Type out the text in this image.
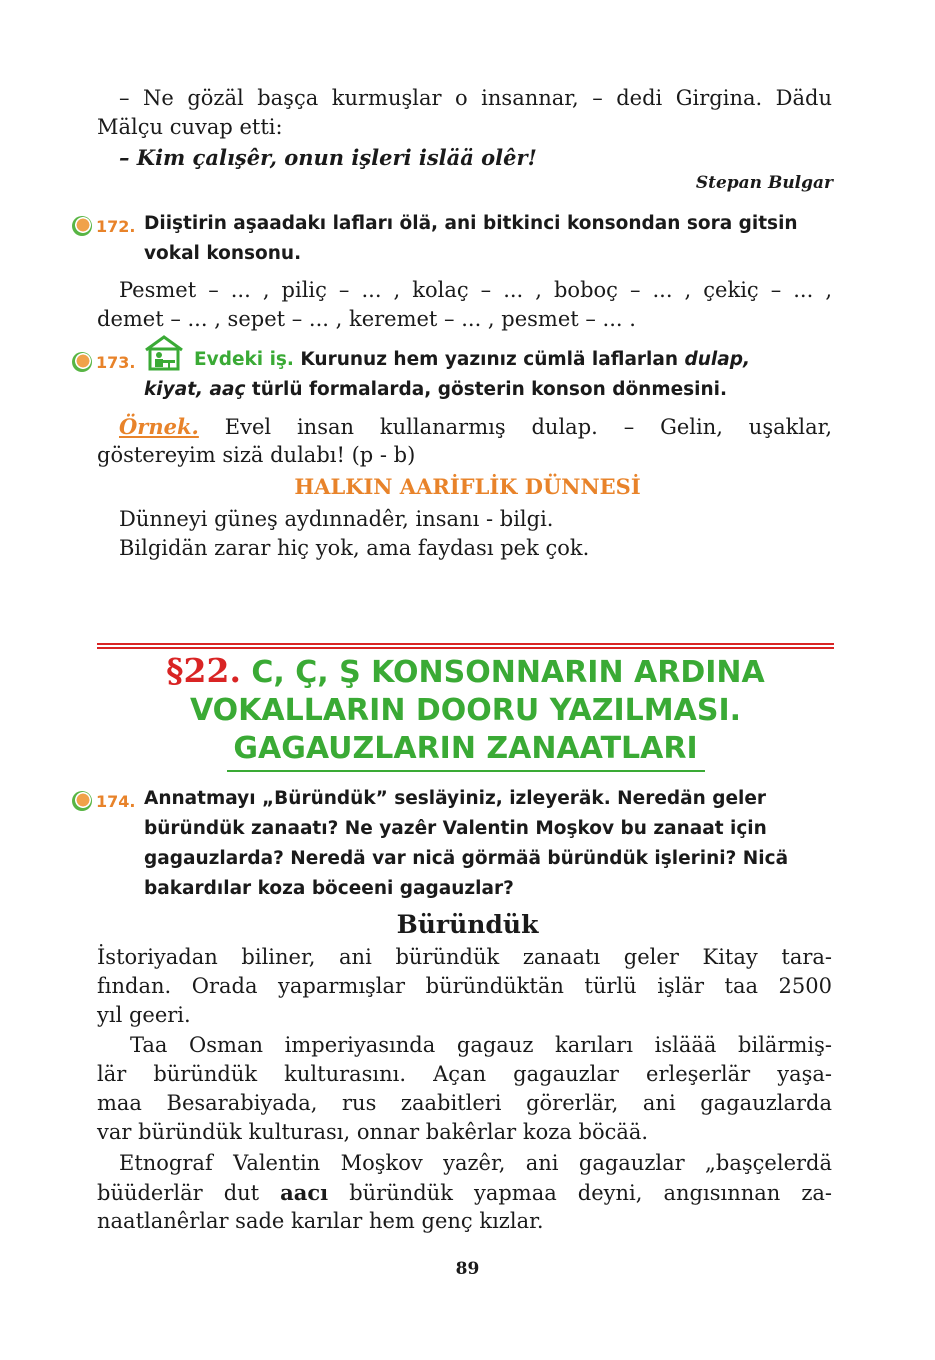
– Ne gözäl başça kurmuşlar o insannar, – dedi Girgina. Dädu
Mälçu cuvap etti:
– Kim çalışêr, onun işleri islää olêr!
Stepan Bulgar
172. Diiştirin aşaadakı lafları ölä, ani bitkinci konsondan sora gitsin
vokal konsonu.
Pesmet – ... , piliç – ... , kolaç – ... , boboç – ... , çekiç – ... ,
demet – ... , sepet – ... , keremet – ... , pesmet – ... .
173.	Evdeki iş. Kurunuz hem yazınız cümlä laflarlan dulap,
kiyat, aaç türlü formalarda, gösterin konson dönmesini.
Örnek. Evel insan kullanarmış dulap. – Gelin, uşaklar,
göstereyim sizä dulabı! (p - b)
HALKIN AARİFLİK DÜNNESİ
Dünneyi güneş aydınnadêr, insanı - bilgi.
Bilgidän zarar hiç yok, ama faydası pek çok.
§22. C, Ç, Ş KONSONNARIN ARDINA
VOKALLARIN DOORU YAZILMASI.
GAGAUZLARIN ZANAATLARI
174. Annatmayı „Büründük” sesläyiniz, izleyeräk. Neredän geler
büründük zanaatı? Ne yazêr Valentin Moşkov bu zanaat için
gagauzlarda? Neredä var nicä görmää büründük işlerini? Nicä
bakardılar koza böceeni gagauzlar?
Büründük
İstoriyadan biliner, ani büründük zanaatı geler Kitay tara-
fından. Orada yaparmışlar büründüktän türlü işlär taa 2500
yıl geeri.
Taa Osman imperiyasında gagauz karıları isläää bilärmiş-
lär büründük kulturasını. Açan gagauzlar erleşerlär yaşa-
maa Besarabiyada, rus zaabitleri görerlär, ani gagauzlarda
var büründük kulturası, onnar bakêrlar koza böcää.
Etnograf Valentin Moşkov yazêr, ani gagauzlar „başçelerdä
büüderlär dut aacı büründük yapmaa deyni, angısınnan za-
naatlanêrlar sade karılar hem genç kızlar.
89
